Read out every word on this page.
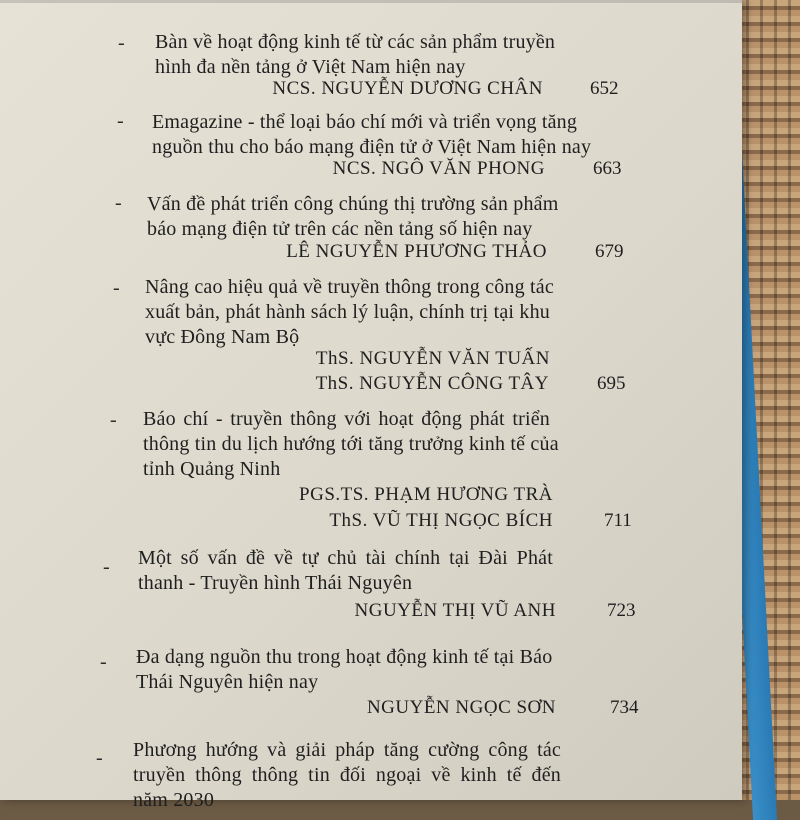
- Bàn về hoạt động kinh tế từ các sản phẩm truyền
hình đa nền tảng ở Việt Nam hiện nay
NCS. NGUYỄN DƯƠNG CHÂN 652
- Emagazine - thể loại báo chí mới và triển vọng tăng
nguồn thu cho báo mạng điện tử ở Việt Nam hiện nay
NCS. NGÔ VĂN PHONG	663
- Vấn đề phát triển công chúng thị trường sản phẩm
báo mạng điện tử trên các nền tảng số hiện nay
LÊ NGUYỄN PHƯƠNG THẢO	679
- Nâng cao hiệu quả về truyền thông trong công tác
xuất bản, phát hành sách lý luận, chính trị tại khu
vực Đông Nam Bộ
ThS. NGUYỄN VĂN TUẤN
ThS. NGUYỄN CÔNG TÂY	695
- Báo chí - truyền thông với hoạt động phát triển
thông tin du lịch hướng tới tăng trưởng kinh tế của
tỉnh Quảng Ninh
PGS.TS. PHẠM HƯƠNG TRÀ
ThS. VŨ THỊ NGỌC BÍCH	711
- Một số vấn đề về tự chủ tài chính tại Đài Phát
thanh - Truyền hình Thái Nguyên
NGUYỄN THỊ VŨ ANH	723
- Đa dạng nguồn thu trong hoạt động kinh tế tại Báo
Thái Nguyên hiện nay
NGUYỄN NGỌC SƠN	734
- Phương hướng và giải pháp tăng cường công tác
truyền thông thông tin đối ngoại về kinh tế đến
năm 2030
